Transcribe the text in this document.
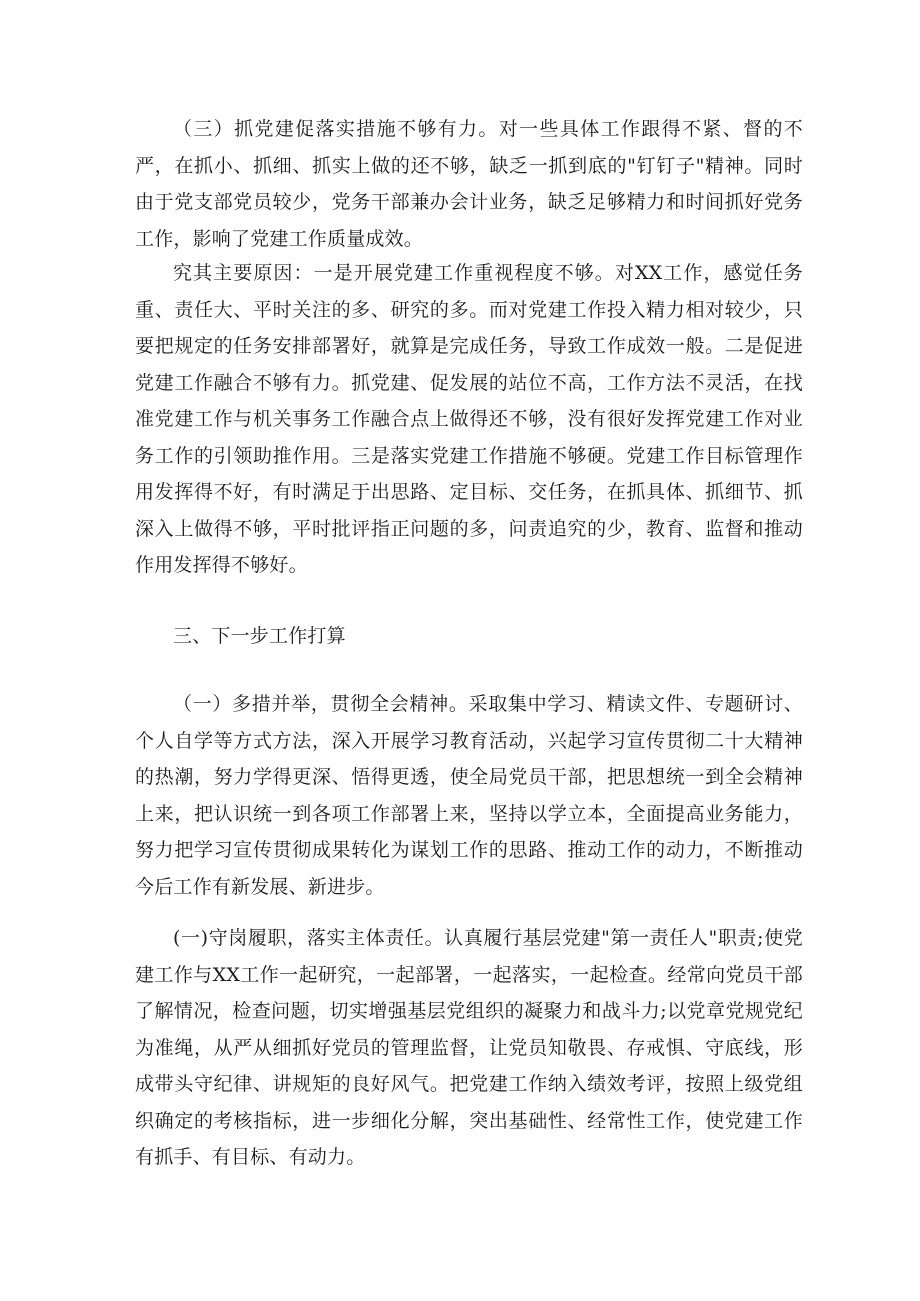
（三）抓党建促落实措施不够有力。对一些具体工作跟得不紧、督的不严，在抓小、抓细、抓实上做的还不够，缺乏一抓到底的"钉钉子"精神。同时由于党支部党员较少，党务干部兼办会计业务，缺乏足够精力和时间抓好党务工作，影响了党建工作质量成效。

究其主要原因：一是开展党建工作重视程度不够。对XX工作，感觉任务重、责任大、平时关注的多、研究的多。而对党建工作投入精力相对较少，只要把规定的任务安排部署好，就算是完成任务，导致工作成效一般。二是促进党建工作融合不够有力。抓党建、促发展的站位不高，工作方法不灵活，在找准党建工作与机关事务工作融合点上做得还不够，没有很好发挥党建工作对业务工作的引领助推作用。三是落实党建工作措施不够硬。党建工作目标管理作用发挥得不好，有时满足于出思路、定目标、交任务，在抓具体、抓细节、抓深入上做得不够，平时批评指正问题的多，问责追究的少，教育、监督和推动作用发挥得不够好。

三、下一步工作打算

（一）多措并举，贯彻全会精神。采取集中学习、精读文件、专题研讨、个人自学等方式方法，深入开展学习教育活动，兴起学习宣传贯彻二十大精神的热潮，努力学得更深、悟得更透，使全局党员干部，把思想统一到全会精神上来，把认识统一到各项工作部署上来，坚持以学立本，全面提高业务能力，努力把学习宣传贯彻成果转化为谋划工作的思路、推动工作的动力，不断推动今后工作有新发展、新进步。

(一)守岗履职，落实主体责任。认真履行基层党建"第一责任人"职责;使党建工作与XX工作一起研究，一起部署，一起落实，一起检查。经常向党员干部了解情况，检查问题，切实增强基层党组织的凝聚力和战斗力;以党章党规党纪为准绳，从严从细抓好党员的管理监督，让党员知敬畏、存戒惧、守底线，形成带头守纪律、讲规矩的良好风气。把党建工作纳入绩效考评，按照上级党组织确定的考核指标，进一步细化分解，突出基础性、经常性工作，使党建工作有抓手、有目标、有动力。
